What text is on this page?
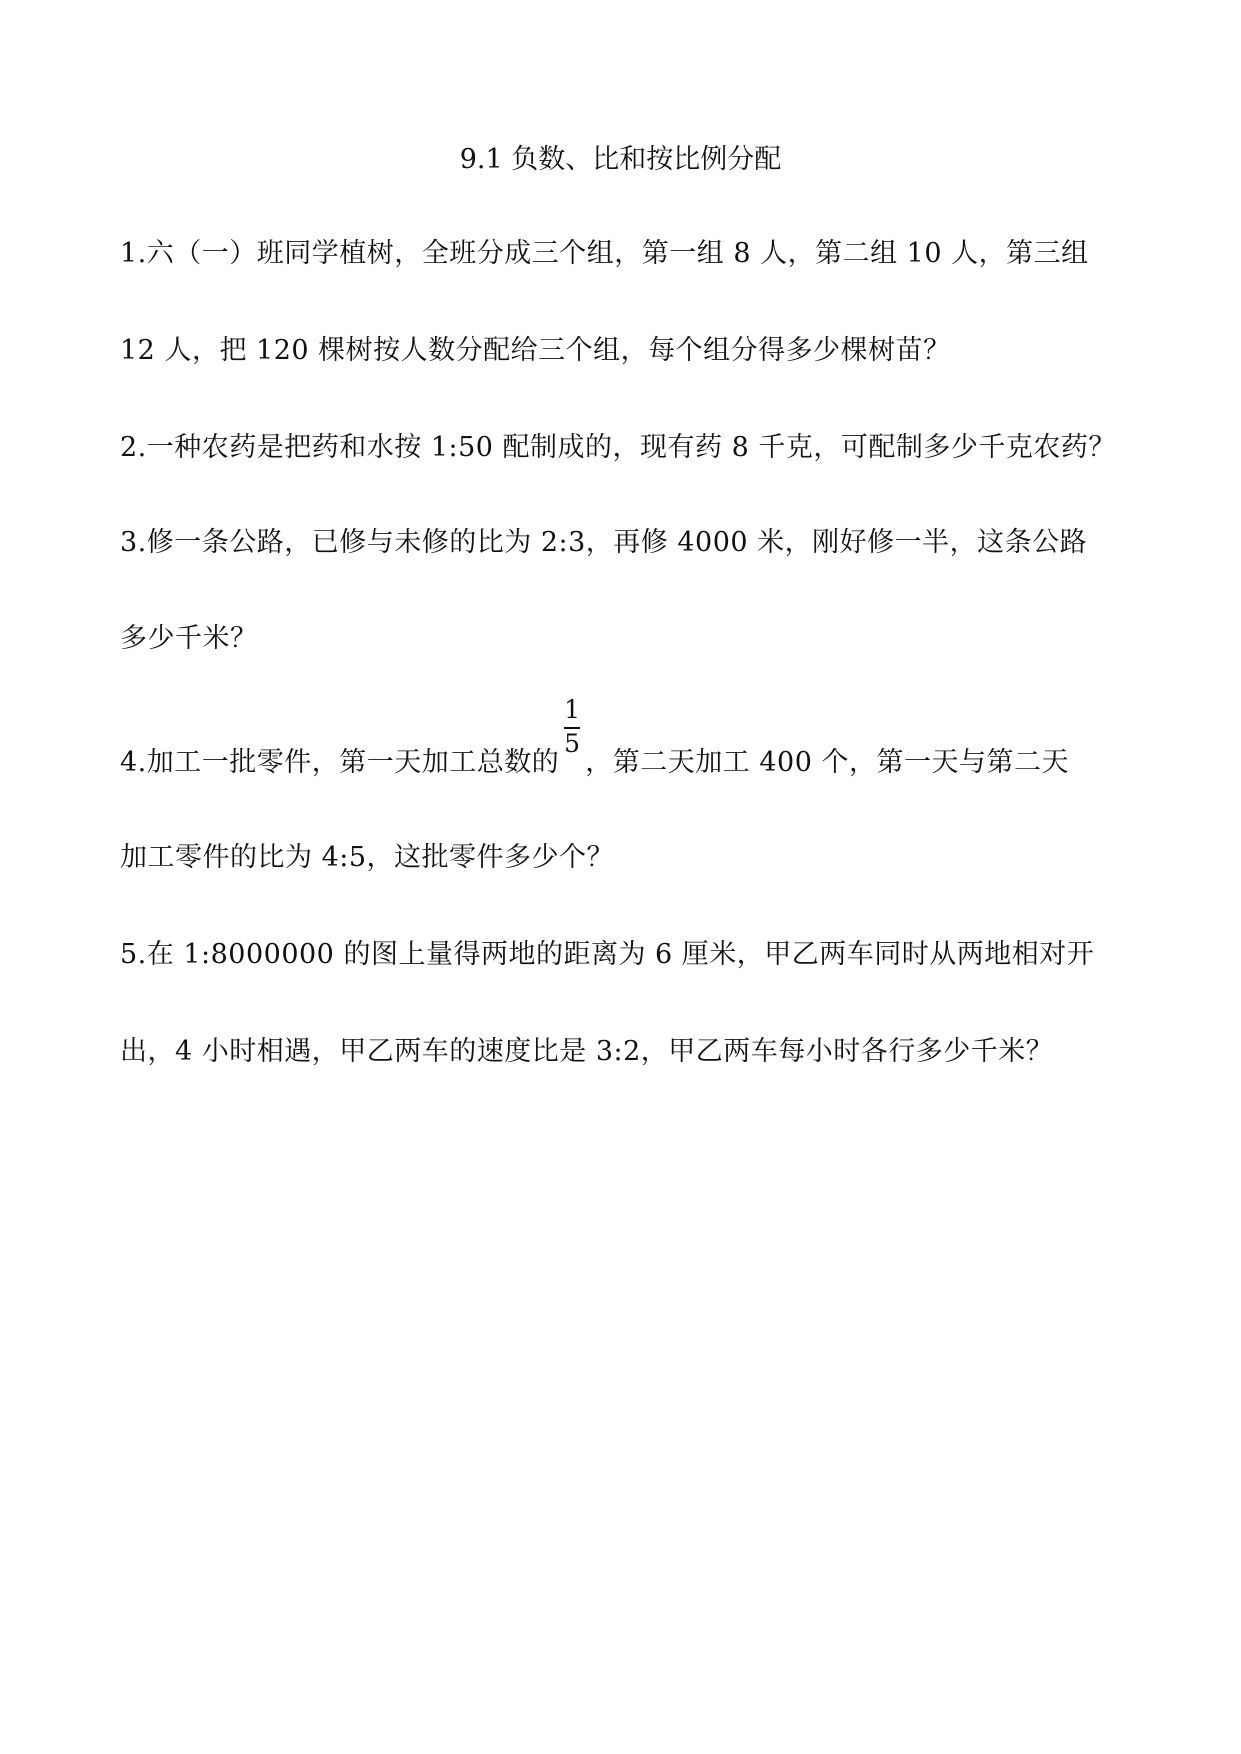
9.1 负数、比和按比例分配
1.六（一）班同学植树，全班分成三个组，第一组 8 人，第二组 10 人，第三组
12 人，把 120 棵树按人数分配给三个组，每个组分得多少棵树苗？
2.一种农药是把药和水按 1:50 配制成的，现有药 8 千克，可配制多少千克农药？
3.修一条公路，已修与未修的比为 2:3，再修 4000 米，刚好修一半，这条公路
多少千米？
4.加工一批零件，第一天加工总数的 $\frac{1}{5}$ ，第二天加工 400 个，第一天与第二天
加工零件的比为 4:5，这批零件多少个？
5.在 1:8000000 的图上量得两地的距离为 6 厘米，甲乙两车同时从两地相对开
出，4 小时相遇，甲乙两车的速度比是 3:2，甲乙两车每小时各行多少千米？
